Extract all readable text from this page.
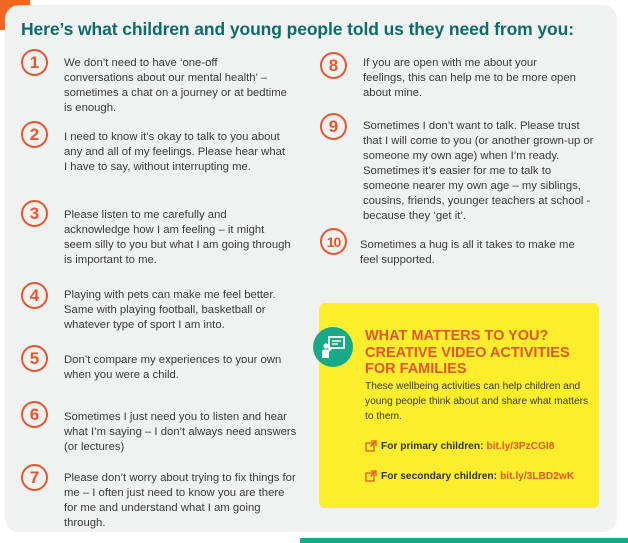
Here’s what children and young people told us they need from you:
1	We don’t need to have ‘one-off conversations about our mental health’ – sometimes a chat on a journey or at bedtime is enough.
2	I need to know it’s okay to talk to you about any and all of my feelings. Please hear what I have to say, without interrupting me.
3	Please listen to me carefully and acknowledge how I am feeling – it might seem silly to you but what I am going through is important to me.
4	Playing with pets can make me feel better. Same with playing football, basketball or whatever type of sport I am into.
5	Don’t compare my experiences to your own when you were a child.
6	Sometimes I just need you to listen and hear what I’m saying – I don’t always need answers (or lectures)
7	Please don’t worry about trying to fix things for me – I often just need to know you are there for me and understand what I am going through.
8	If you are open with me about your feelings, this can help me to be more open about mine.
9	Sometimes I don’t want to talk. Please trust that I will come to you (or another grown-up or someone my own age) when I’m ready. Sometimes it’s easier for me to talk to someone nearer my own age – my siblings, cousins, friends, younger teachers at school - because they ‘get it’.
10	Sometimes a hug is all it takes to make me feel supported.
WHAT MATTERS TO YOU? CREATIVE VIDEO ACTIVITIES FOR FAMILIES
These wellbeing activities can help children and young people think about and share what matters to them.
For primary children: bit.ly/3PzCGI8
For secondary children: bit.ly/3LBD2wK
